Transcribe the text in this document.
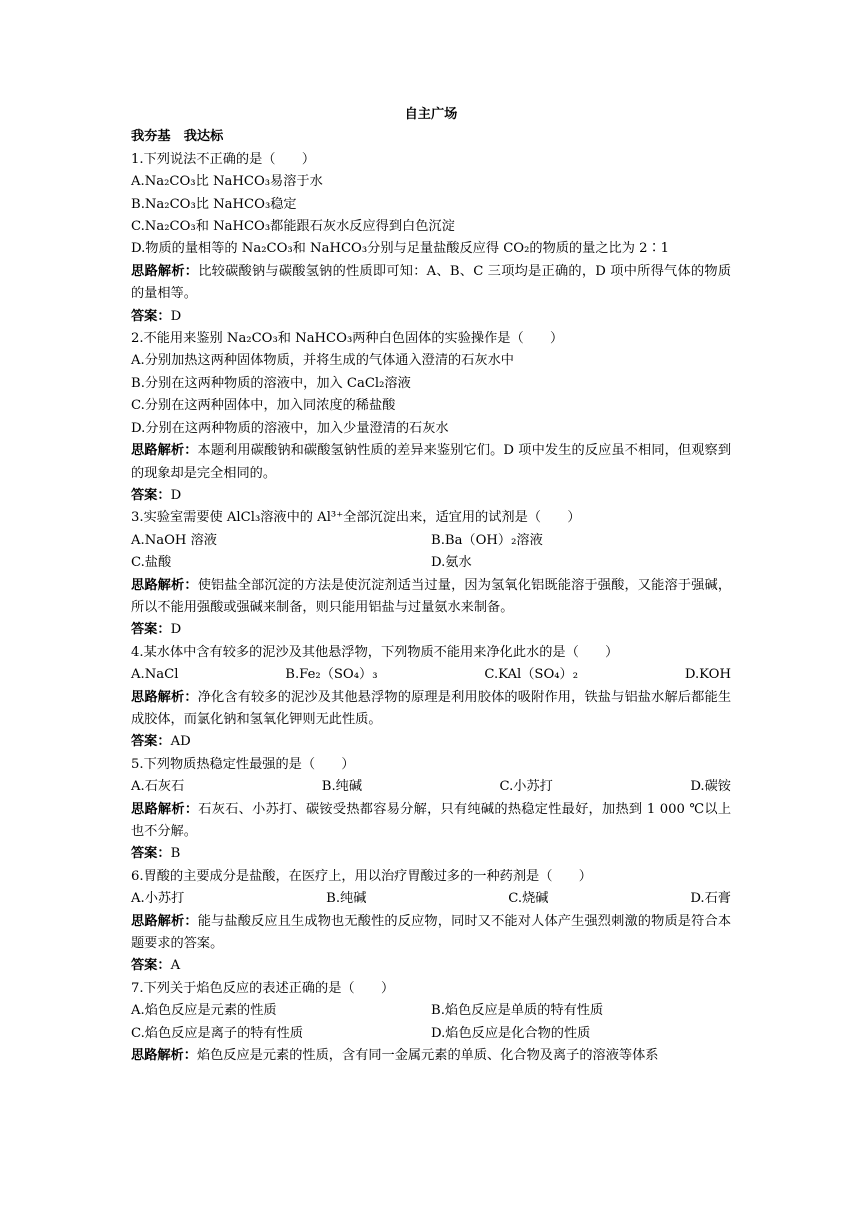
自主广场
我夯基　我达标
1.下列说法不正确的是（　　）
A.Na₂CO₃比 NaHCO₃易溶于水
B.Na₂CO₃比 NaHCO₃稳定
C.Na₂CO₃和 NaHCO₃都能跟石灰水反应得到白色沉淀
D.物质的量相等的 Na₂CO₃和 NaHCO₃分别与足量盐酸反应得 CO₂的物质的量之比为 2∶1
思路解析：比较碳酸钠与碳酸氢钠的性质即可知：A、B、C 三项均是正确的，D 项中所得气体的物质的量相等。
答案：D
2.不能用来鉴别 Na₂CO₃和 NaHCO₃两种白色固体的实验操作是（　　）
A.分别加热这两种固体物质，并将生成的气体通入澄清的石灰水中
B.分别在这两种物质的溶液中，加入 CaCl₂溶液
C.分别在这两种固体中，加入同浓度的稀盐酸
D.分别在这两种物质的溶液中，加入少量澄清的石灰水
思路解析：本题利用碳酸钠和碳酸氢钠性质的差异来鉴别它们。D 项中发生的反应虽不相同，但观察到的现象却是完全相同的。
答案：D
3.实验室需要使 AlCl₃溶液中的 Al³⁺全部沉淀出来，适宜用的试剂是（　　）
A.NaOH 溶液	B.Ba（OH）₂溶液
C.盐酸	D.氨水
思路解析：使铝盐全部沉淀的方法是使沉淀剂适当过量，因为氢氧化铝既能溶于强酸，又能溶于强碱，所以不能用强酸或强碱来制备，则只能用铝盐与过量氨水来制备。
答案：D
4.某水体中含有较多的泥沙及其他悬浮物，下列物质不能用来净化此水的是（　　）
A.NaCl	B.Fe₂（SO₄）₃	C.KAl（SO₄）₂	D.KOH
思路解析：净化含有较多的泥沙及其他悬浮物的原理是利用胶体的吸附作用，铁盐与铝盐水解后都能生成胶体，而氯化钠和氢氧化钾则无此性质。
答案：AD
5.下列物质热稳定性最强的是（　　）
A.石灰石	B.纯碱	C.小苏打	D.碳铵
思路解析：石灰石、小苏打、碳铵受热都容易分解，只有纯碱的热稳定性最好，加热到 1 000 ℃以上也不分解。
答案：B
6.胃酸的主要成分是盐酸，在医疗上，用以治疗胃酸过多的一种药剂是（　　）
A.小苏打	B.纯碱	C.烧碱	D.石膏
思路解析：能与盐酸反应且生成物也无酸性的反应物，同时又不能对人体产生强烈刺激的物质是符合本题要求的答案。
答案：A
7.下列关于焰色反应的表述正确的是（　　）
A.焰色反应是元素的性质	B.焰色反应是单质的特有性质
C.焰色反应是离子的特有性质	D.焰色反应是化合物的性质
思路解析：焰色反应是元素的性质，含有同一金属元素的单质、化合物及离子的溶液等体系
